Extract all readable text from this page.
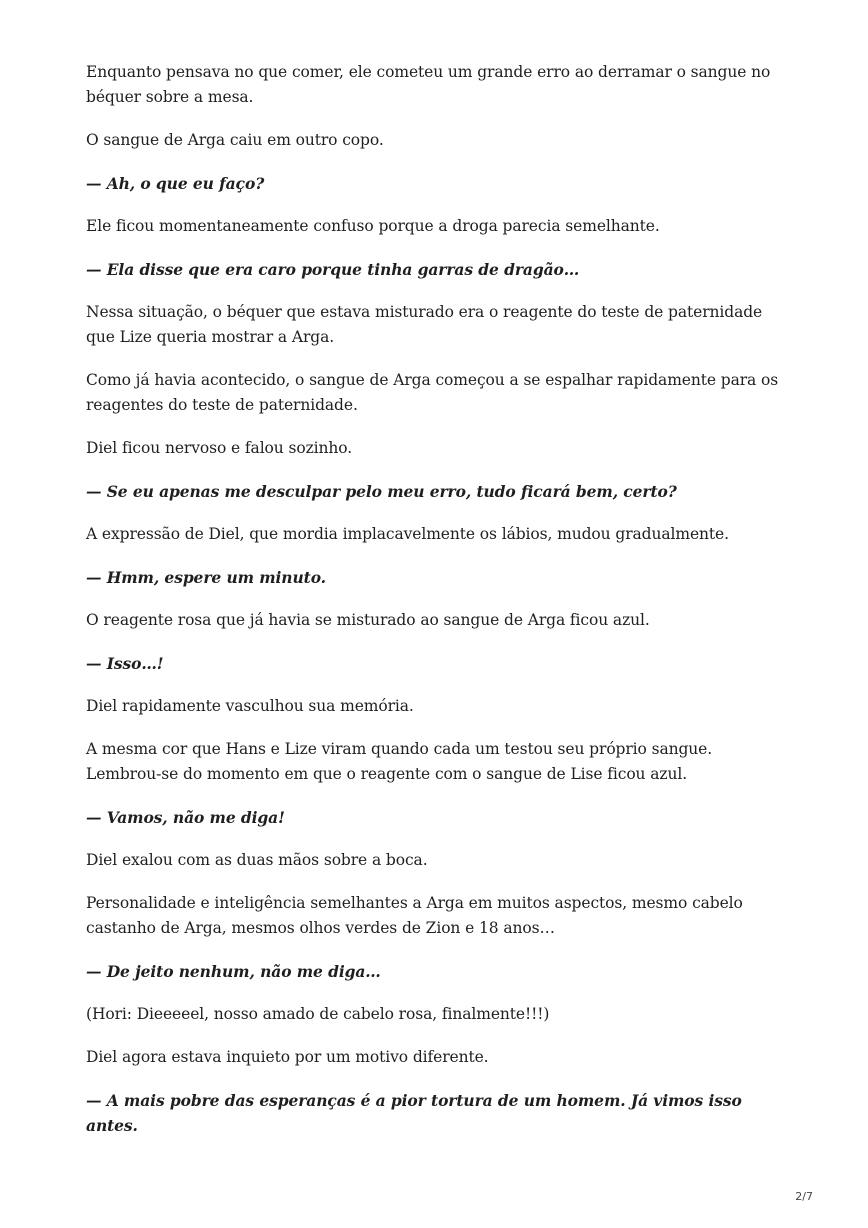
Enquanto pensava no que comer, ele cometeu um grande erro ao derramar o sangue no béquer sobre a mesa.

O sangue de Arga caiu em outro copo.

— Ah, o que eu faço?

Ele ficou momentaneamente confuso porque a droga parecia semelhante.

— Ela disse que era caro porque tinha garras de dragão…

Nessa situação, o béquer que estava misturado era o reagente do teste de paternidade que Lize queria mostrar a Arga.

Como já havia acontecido, o sangue de Arga começou a se espalhar rapidamente para os reagentes do teste de paternidade.

Diel ficou nervoso e falou sozinho.

— Se eu apenas me desculpar pelo meu erro, tudo ficará bem, certo?

A expressão de Diel, que mordia implacavelmente os lábios, mudou gradualmente.

— Hmm, espere um minuto.

O reagente rosa que já havia se misturado ao sangue de Arga ficou azul.

— Isso…!

Diel rapidamente vasculhou sua memória.

A mesma cor que Hans e Lize viram quando cada um testou seu próprio sangue. Lembrou-se do momento em que o reagente com o sangue de Lise ficou azul.

— Vamos, não me diga!

Diel exalou com as duas mãos sobre a boca.

Personalidade e inteligência semelhantes a Arga em muitos aspectos, mesmo cabelo castanho de Arga, mesmos olhos verdes de Zion e 18 anos…

— De jeito nenhum, não me diga…

(Hori: Dieeeeel, nosso amado de cabelo rosa, finalmente!!!)

Diel agora estava inquieto por um motivo diferente.

— A mais pobre das esperanças é a pior tortura de um homem. Já vimos isso antes.

2/7
